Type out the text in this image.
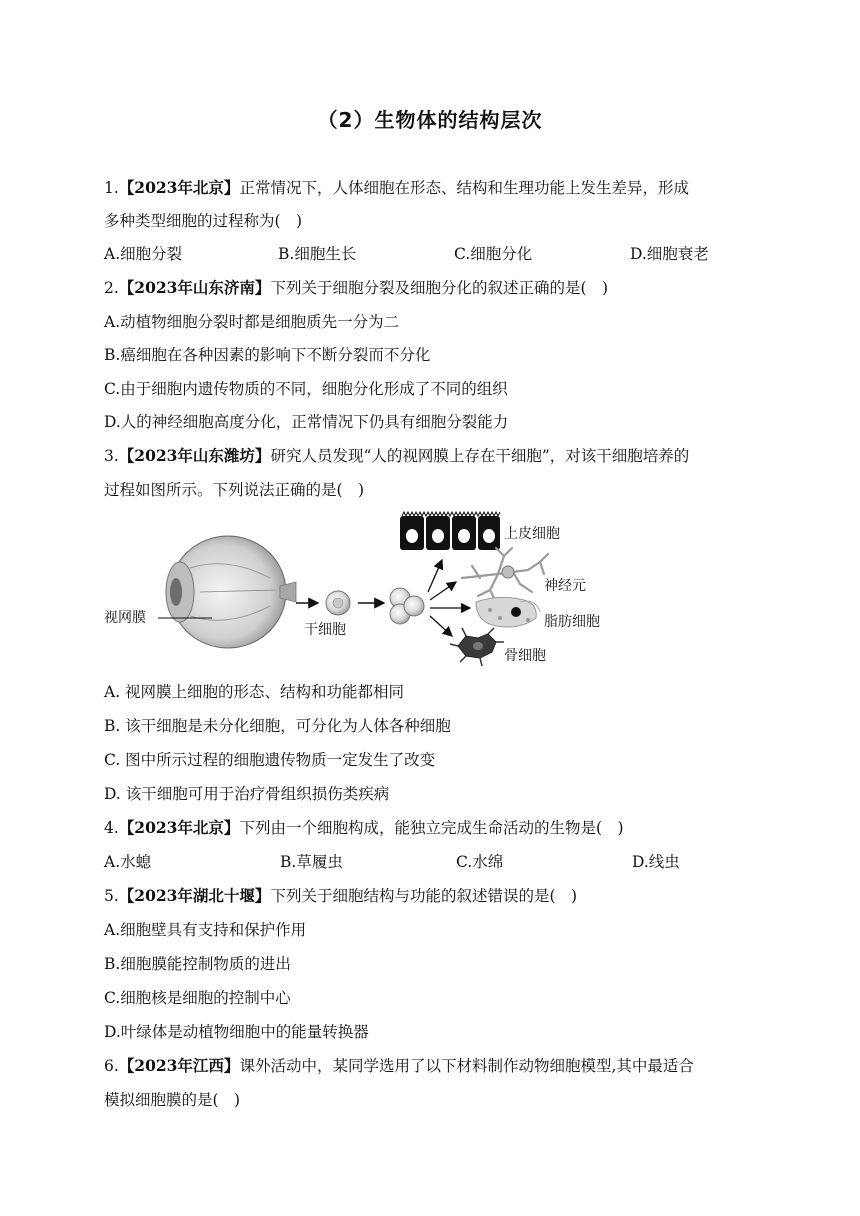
（2）生物体的结构层次
1.【2023年北京】正常情况下，人体细胞在形态、结构和生理功能上发生差异，形成
多种类型细胞的过程称为(　)
A.细胞分裂	B.细胞生长	C.细胞分化	D.细胞衰老
2.【2023年山东济南】下列关于细胞分裂及细胞分化的叙述正确的是(　)
A.动植物细胞分裂时都是细胞质先一分为二
B.癌细胞在各种因素的影响下不断分裂而不分化
C.由于细胞内遗传物质的不同，细胞分化形成了不同的组织
D.人的神经细胞高度分化，正常情况下仍具有细胞分裂能力
3.【2023年山东潍坊】研究人员发现“人的视网膜上存在干细胞”，对该干细胞培养的
过程如图所示。下列说法正确的是(　)
视网膜
干细胞
上皮细胞
神经元
脂肪细胞
骨细胞
A. 视网膜上细胞的形态、结构和功能都相同
B. 该干细胞是未分化细胞，可分化为人体各种细胞
C. 图中所示过程的细胞遗传物质一定发生了改变
D. 该干细胞可用于治疗骨组织损伤类疾病
4.【2023年北京】下列由一个细胞构成，能独立完成生命活动的生物是(　)
A.水螅	B.草履虫	C.水绵	D.线虫
5.【2023年湖北十堰】下列关于细胞结构与功能的叙述错误的是(　)
A.细胞壁具有支持和保护作用
B.细胞膜能控制物质的进出
C.细胞核是细胞的控制中心
D.叶绿体是动植物细胞中的能量转换器
6.【2023年江西】课外活动中，某同学选用了以下材料制作动物细胞模型,其中最适合
模拟细胞膜的是(　)
